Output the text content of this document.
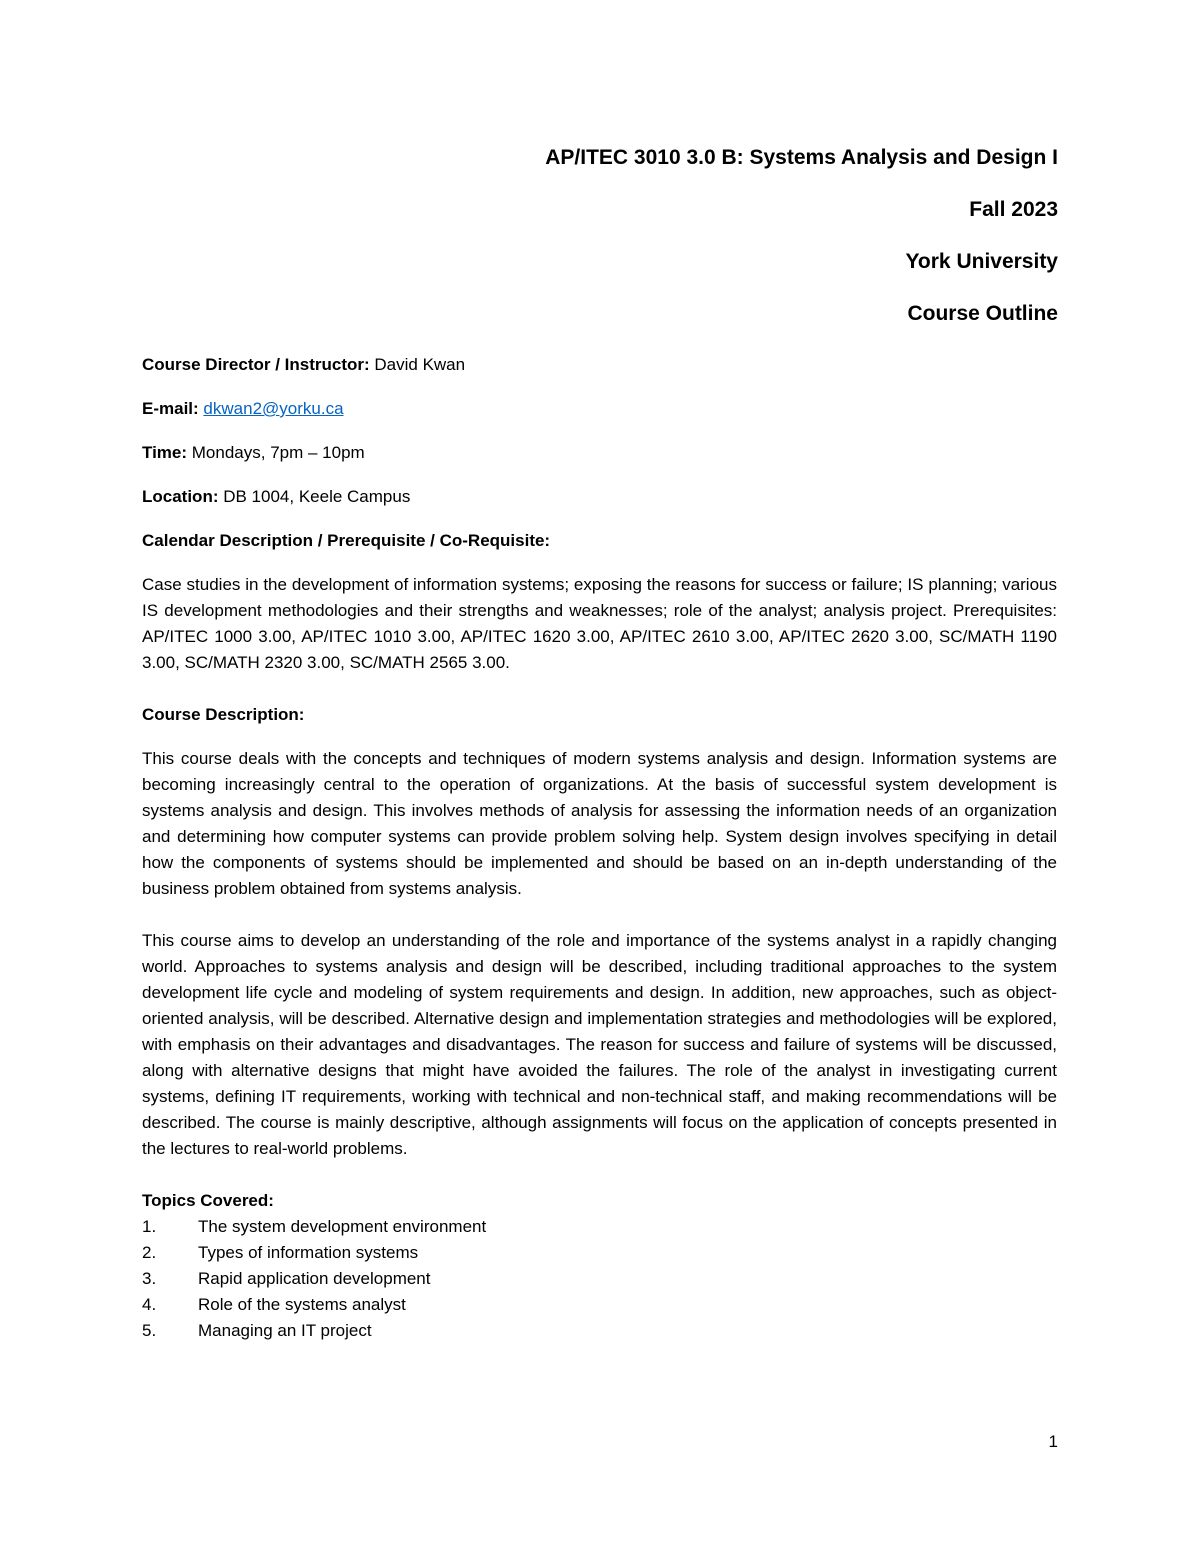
AP/ITEC 3010 3.0 B: Systems Analysis and Design I
Fall 2023
York University
Course Outline
Course Director / Instructor: David Kwan
E-mail: dkwan2@yorku.ca
Time: Mondays, 7pm – 10pm
Location: DB 1004, Keele Campus
Calendar Description / Prerequisite / Co-Requisite:
Case studies in the development of information systems; exposing the reasons for success or failure; IS planning; various IS development methodologies and their strengths and weaknesses; role of the analyst; analysis project. Prerequisites: AP/ITEC 1000 3.00, AP/ITEC 1010 3.00, AP/ITEC 1620 3.00, AP/ITEC 2610 3.00, AP/ITEC 2620 3.00, SC/MATH 1190 3.00, SC/MATH 2320 3.00, SC/MATH 2565 3.00.
Course Description:
This course deals with the concepts and techniques of modern systems analysis and design. Information systems are becoming increasingly central to the operation of organizations. At the basis of successful system development is systems analysis and design. This involves methods of analysis for assessing the information needs of an organization and determining how computer systems can provide problem solving help. System design involves specifying in detail how the components of systems should be implemented and should be based on an in-depth understanding of the business problem obtained from systems analysis.
This course aims to develop an understanding of the role and importance of the systems analyst in a rapidly changing world. Approaches to systems analysis and design will be described, including traditional approaches to the system development life cycle and modeling of system requirements and design. In addition, new approaches, such as object-oriented analysis, will be described. Alternative design and implementation strategies and methodologies will be explored, with emphasis on their advantages and disadvantages. The reason for success and failure of systems will be discussed, along with alternative designs that might have avoided the failures. The role of the analyst in investigating current systems, defining IT requirements, working with technical and non-technical staff, and making recommendations will be described. The course is mainly descriptive, although assignments will focus on the application of concepts presented in the lectures to real-world problems.
Topics Covered:
1.	The system development environment
2.	Types of information systems
3.	Rapid application development
4.	Role of the systems analyst
5.	Managing an IT project
1
